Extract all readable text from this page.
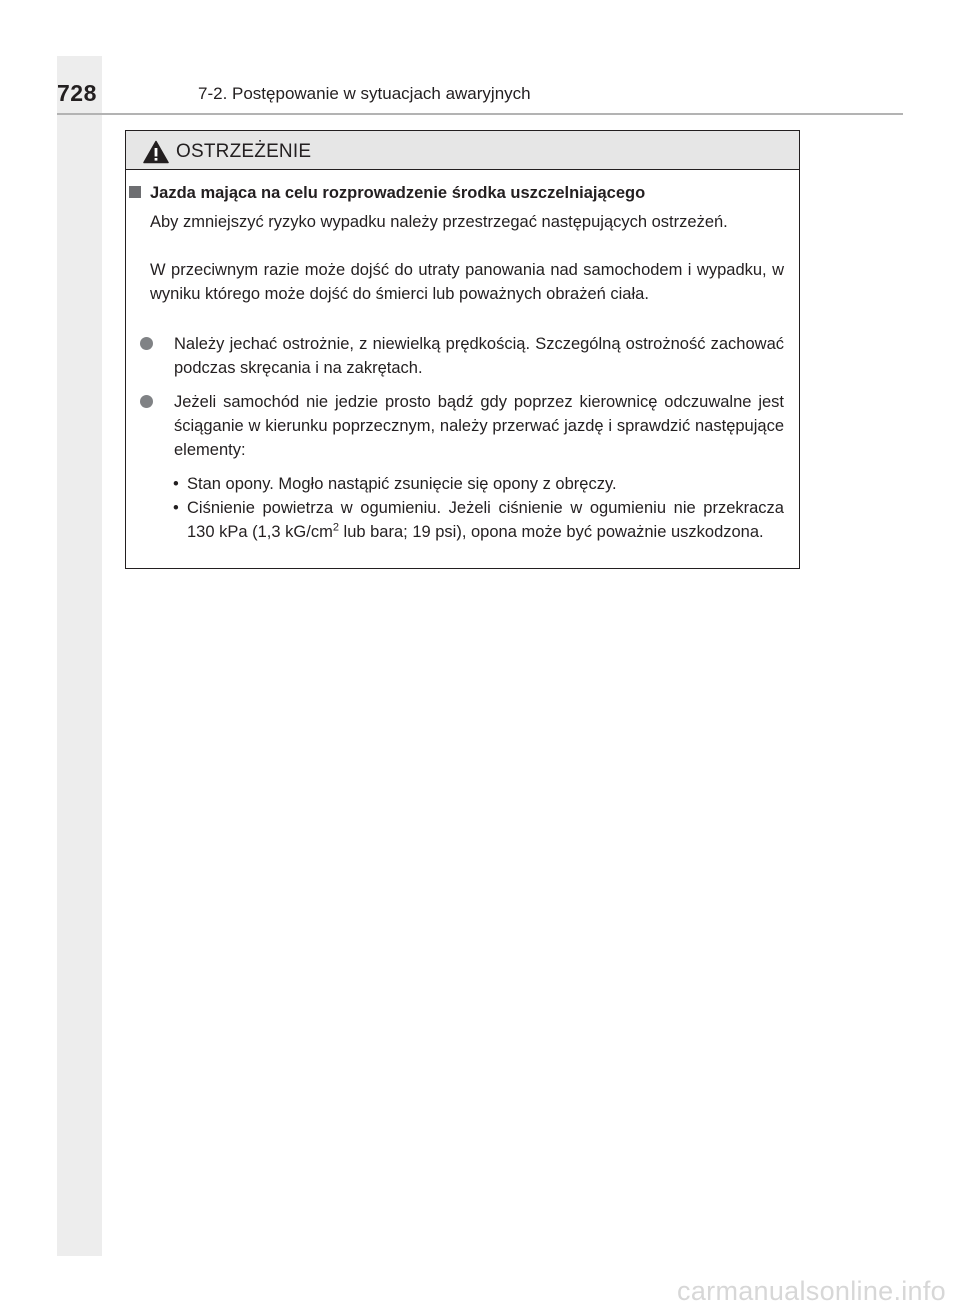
728	7-2. Postępowanie w sytuacjach awaryjnych
OSTRZEŻENIE
Jazda mająca na celu rozprowadzenie środka uszczelniającego
Aby zmniejszyć ryzyko wypadku należy przestrzegać następujących ostrzeżeń.
W przeciwnym razie może dojść do utraty panowania nad samochodem i wypadku, w wyniku którego może dojść do śmierci lub poważnych obrażeń ciała.
Należy jechać ostrożnie, z niewielką prędkością. Szczególną ostrożność zachować podczas skręcania i na zakrętach.
Jeżeli samochód nie jedzie prosto bądź gdy poprzez kierownicę odczuwalne jest ściąganie w kierunku poprzecznym, należy przerwać jazdę i sprawdzić następujące elementy:
• Stan opony. Mogło nastąpić zsunięcie się opony z obręczy.
• Ciśnienie powietrza w ogumieniu. Jeżeli ciśnienie w ogumieniu nie przekracza 130 kPa (1,3 $kG/cm^2$ lub bara; 19 psi), opona może być poważnie uszkodzona.
carmanualsonline.info
